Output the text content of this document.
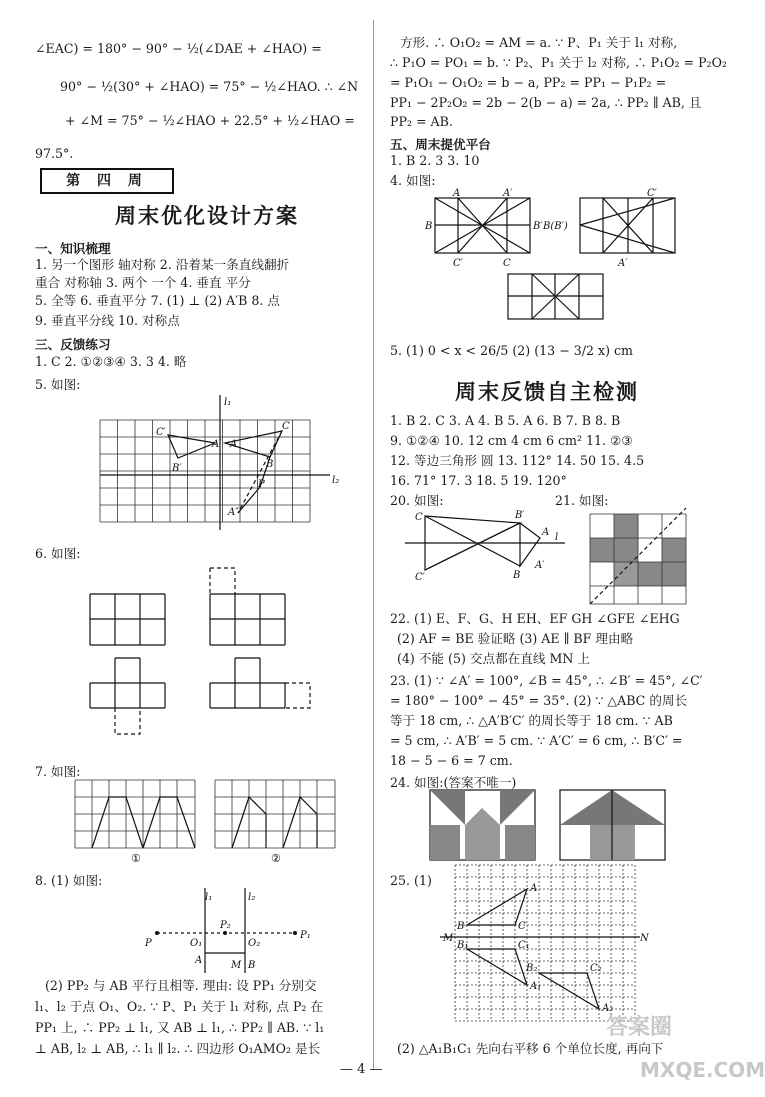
∠EAC) = 180° − 90° − ½(∠DAE + ∠HAO) =
90° − ½(30° + ∠HAO) = 75° − ½∠HAO. ∴ ∠N
+ ∠M = 75° − ½∠HAO + 22.5° + ½∠HAO =
97.5°.
第 四 周
周末优化设计方案
一、知识梳理
1. 另一个图形 轴对称 2. 沿着某一条直线翻折
重合 对称轴 3. 两个 一个 4. 垂直 平分
5. 全等 6. 垂直平分 7. (1) ⊥ (2) A′B 8. 点
9. 垂直平分线 10. 对称点
三、反馈练习
1. C 2. ①②③④ 3. 3 4. 略
5. 如图:
l₁
l₂
C
C′
A′ A
B
B′
P
A″
6. 如图:
7. 如图:
①	②
8. (1) 如图:
l₁	l₂
P	O₁
P₂
O₂
P₁
A	B
M
(2) PP₂ 与 AB 平行且相等. 理由: 设 PP₁ 分别交
l₁、l₂ 于点 O₁、O₂. ∵ P、P₁ 关于 l₁ 对称, 点 P₂ 在
PP₁ 上, ∴ PP₂ ⊥ l₁, 又 AB ⊥ l₁, ∴ PP₂ ∥ AB. ∵ l₁
⊥ AB, l₂ ⊥ AB, ∴ l₁ ∥ l₂. ∴ 四边形 O₁AMO₂ 是长
方形. ∴ O₁O₂ = AM = a. ∵ P、P₁ 关于 l₁ 对称,
∴ P₁O = PO₁ = b. ∵ P₂、P₁ 关于 l₂ 对称, ∴ P₁O₂ = P₂O₂
= P₁O₁ − O₁O₂ = b − a, PP₂ = PP₁ − P₁P₂ =
PP₁ − 2P₂O₂ = 2b − 2(b − a) = 2a, ∴ PP₂ ∥ AB, 且
PP₂ = AB.
五、周末提优平台
1. B 2. 3 3. 10
4. 如图:
A	A′
C′
B	B′ B(B′)
C′
C	A′
5. (1) 0 < x < 26/5 (2) (13 − 3/2 x) cm
周末反馈自主检测
1. B 2. C 3. A 4. B 5. A 6. B 7. B 8. B
9. ①②④ 10. 12 cm 4 cm 6 cm² 11. ②③
12. 等边三角形 圆 13. 112° 14. 50 15. 4.5
16. 71° 17. 3 18. 5 19. 120°
20. 如图:	21. 如图:
C	B′
A l
C′	B
A′
22. (1) E、F、G、H EH、EF GH ∠GFE ∠EHG
(2) AF = BE 验证略 (3) AE ∥ BF 理由略
(4) 不能 (5) 交点都在直线 MN 上
23. (1) ∵ ∠A′ = 100°, ∠B = 45°, ∴ ∠B′ = 45°, ∠C′
= 180° − 100° − 45° = 35°. (2) ∵ △ABC 的周长
等于 18 cm, ∴ △A′B′C′ 的周长等于 18 cm. ∵ AB
= 5 cm, ∴ A′B′ = 5 cm. ∵ A′C′ = 6 cm, ∴ B′C′ =
18 − 5 − 6 = 7 cm.
24. 如图:(答案不唯一)
25. (1)
A
B	C
M	N
B₁	C₁
A₁
B₂	C₂
A₂
(2) △A₁B₁C₁ 先向右平移 6 个单位长度, 再向下
— 4 —
答案圈
MXQE.COM
